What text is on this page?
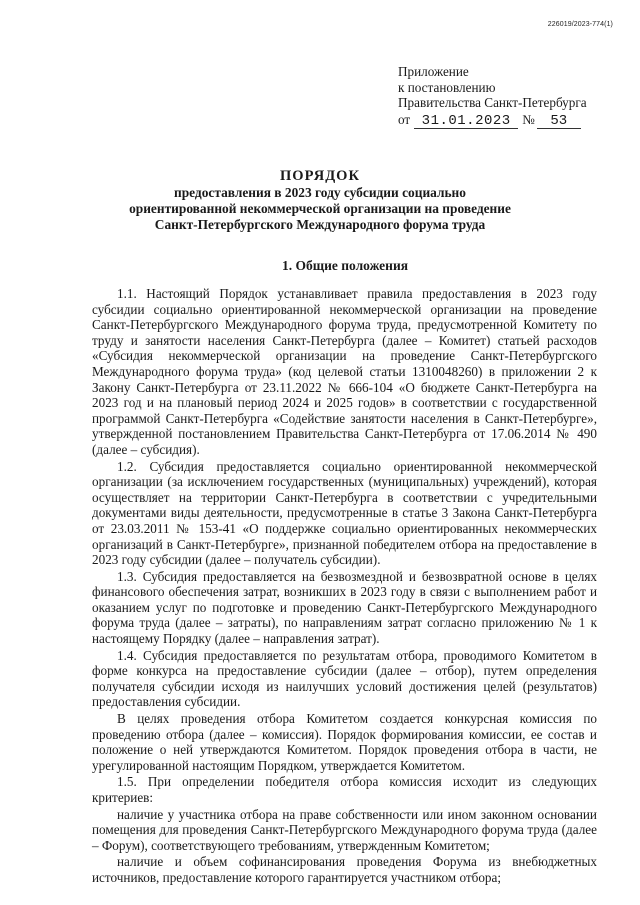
226019/2023-774(1)
Приложение
к постановлению
Правительства Санкт-Петербурга
от 31.01.2023 № 53
ПОРЯДОК
предоставления в 2023 году субсидии социально
ориентированной некоммерческой организации на проведение
Санкт-Петербургского Международного форума труда
1. Общие положения

1.1. Настоящий Порядок устанавливает правила предоставления в 2023 году субсидии социально ориентированной некоммерческой организации на проведение Санкт-Петербургского Международного форума труда, предусмотренной Комитету по труду и занятости населения Санкт-Петербурга (далее – Комитет) статьей расходов «Субсидия некоммерческой организации на проведение Санкт-Петербургского Международного форума труда» (код целевой статьи 1310048260) в приложении 2 к Закону Санкт-Петербурга от 23.11.2022 № 666-104 «О бюджете Санкт-Петербурга на 2023 год и на плановый период 2024 и 2025 годов» в соответствии с государственной программой Санкт-Петербурга «Содействие занятости населения в Санкт-Петербурге», утвержденной постановлением Правительства Санкт-Петербурга от 17.06.2014 № 490 (далее – субсидия).

1.2. Субсидия предоставляется социально ориентированной некоммерческой организации (за исключением государственных (муниципальных) учреждений), которая осуществляет на территории Санкт-Петербурга в соответствии с учредительными документами виды деятельности, предусмотренные в статье 3 Закона Санкт-Петербурга от 23.03.2011 № 153-41 «О поддержке социально ориентированных некоммерческих организаций в Санкт-Петербурге», признанной победителем отбора на предоставление в 2023 году субсидии (далее – получатель субсидии).

1.3. Субсидия предоставляется на безвозмездной и безвозвратной основе в целях финансового обеспечения затрат, возникших в 2023 году в связи с выполнением работ и оказанием услуг по подготовке и проведению Санкт-Петербургского Международного форума труда (далее – затраты), по направлениям затрат согласно приложению № 1 к настоящему Порядку (далее – направления затрат).

1.4. Субсидия предоставляется по результатам отбора, проводимого Комитетом в форме конкурса на предоставление субсидии (далее – отбор), путем определения получателя субсидии исходя из наилучших условий достижения целей (результатов) предоставления субсидии.

В целях проведения отбора Комитетом создается конкурсная комиссия по проведению отбора (далее – комиссия). Порядок формирования комиссии, ее состав и положение о ней утверждаются Комитетом. Порядок проведения отбора в части, не урегулированной настоящим Порядком, утверждается Комитетом.

1.5. При определении победителя отбора комиссия исходит из следующих критериев:

наличие у участника отбора на праве собственности или ином законном основании помещения для проведения Санкт-Петербургского Международного форума труда (далее – Форум), соответствующего требованиям, утвержденным Комитетом;

наличие и объем софинансирования проведения Форума из внебюджетных источников, предоставление которого гарантируется участником отбора;
